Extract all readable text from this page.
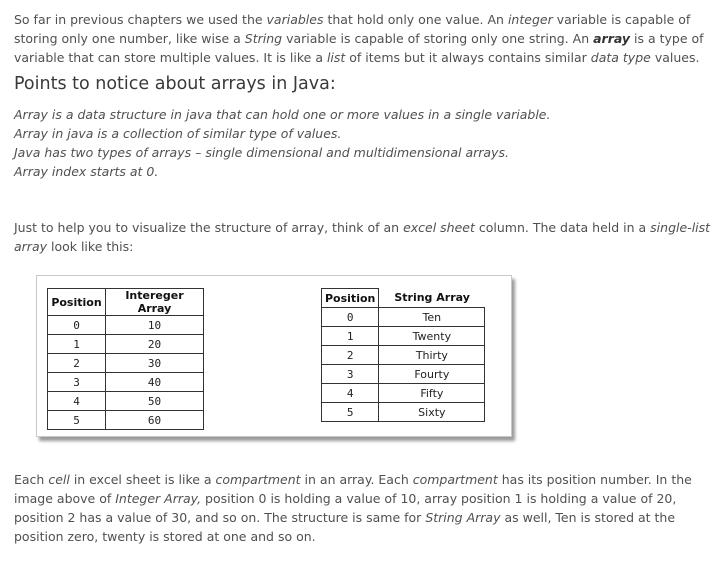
So far in previous chapters we used the variables that hold only one value. An integer variable is capable of storing only one number, like wise a String variable is capable of storing only one string. An array is a type of variable that can store multiple values. It is like a list of items but it always contains similar data type values.

Points to notice about arrays in Java:
Array is a data structure in java that can hold one or more values in a single variable.
Array in java is a collection of similar type of values.
Java has two types of arrays – single dimensional and multidimensional arrays.
Array index starts at 0.

Just to help you to visualize the structure of array, think of an excel sheet column. The data held in a single-list array look like this:

Position	Intereger Array
0	10
1	20
2	30
3	40
4	50
5	60
Position	String Array
0	Ten
1	Twenty
2	Thirty
3	Fourty
4	Fifty
5	Sixty

Each cell in excel sheet is like a compartment in an array. Each compartment has its position number. In the image above of Integer Array, position 0 is holding a value of 10, array position 1 is holding a value of 20, position 2 has a value of 30, and so on. The structure is same for String Array as well, Ten is stored at the position zero, twenty is stored at one and so on.
